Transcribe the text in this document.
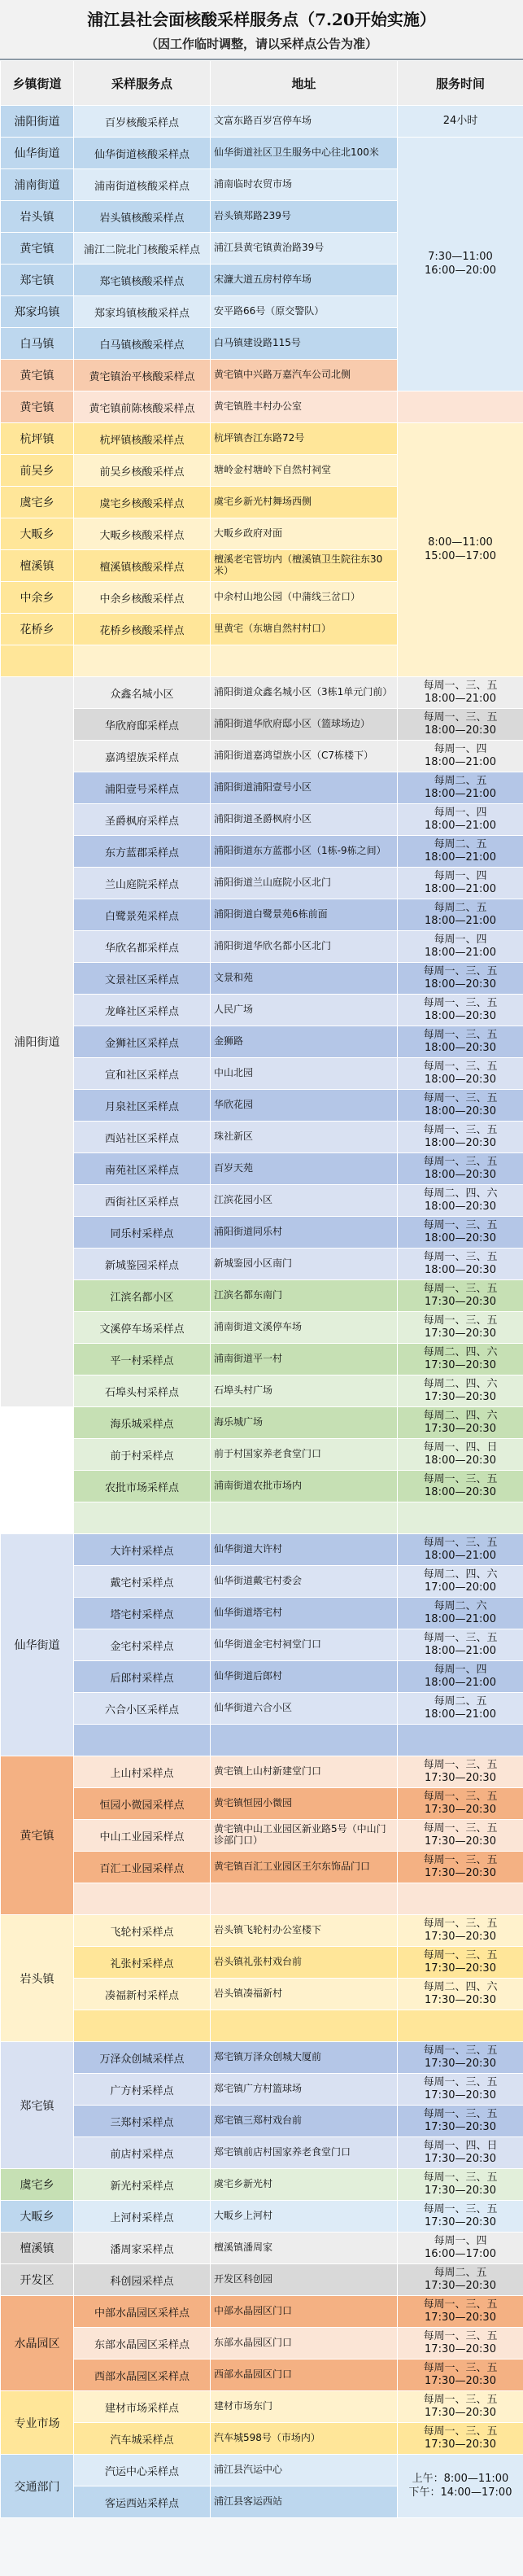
浦江县社会面核酸采样服务点（7.20开始实施）
（因工作临时调整，请以采样点公告为准）
乡镇街道	采样服务点	地址	服务时间
浦阳街道	百岁核酸采样点	文富东路百岁宫停车场	24小时
仙华街道	仙华街道核酸采样点	仙华街道社区卫生服务中心往北100米	7:30—11:00
16:00—20:00
浦南街道	浦南街道核酸采样点	浦南临时农贸市场	
岩头镇	岩头镇核酸采样点	岩头镇郑路239号	
黄宅镇	浦江二院北门核酸采样点	浦江县黄宅镇黄治路39号	
郑宅镇	郑宅镇核酸采样点	宋濂大道五房村停车场	
郑家坞镇	郑家坞镇核酸采样点	安平路66号（原交警队）	
白马镇	白马镇核酸采样点	白马镇建设路115号	
黄宅镇	黄宅镇治平核酸采样点	黄宅镇中兴路万嘉汽车公司北侧	
黄宅镇	黄宅镇前陈核酸采样点	黄宅镇胜丰村办公室	
杭坪镇	杭坪镇核酸采样点	杭坪镇杏江东路72号	8:00—11:00
15:00—17:00
前吴乡	前吴乡核酸采样点	塘岭金村塘岭下自然村祠堂	
虞宅乡	虞宅乡核酸采样点	虞宅乡新光村舞场西侧	
大畈乡	大畈乡核酸采样点	大畈乡政府对面	
檀溪镇	檀溪镇核酸采样点	檀溪老宅管坊内（檀溪镇卫生院往东30米）	
中余乡	中余乡核酸采样点	中余村山地公园（中蒲线三岔口）	
花桥乡	花桥乡核酸采样点	里黄宅（东塘自然村村口）	

浦阳街道	众鑫名城小区	浦阳街道众鑫名城小区（3栋1单元门前）	每周一、三、五
18:00—21:00
	华欣府邸采样点	浦阳街道华欣府邸小区（篮球场边）	每周一、三、五
18:00—20:30
	嘉鸿望族采样点	浦阳街道嘉鸿望族小区（C7栋楼下）	每周一、四
18:00—21:00
	浦阳壹号采样点	浦阳街道浦阳壹号小区	每周二、五
18:00—21:00
	圣爵枫府采样点	浦阳街道圣爵枫府小区	每周一、四
18:00—21:00
	东方蓝郡采样点	浦阳街道东方蓝郡小区（1栋-9栋之间）	每周二、五
18:00—21:00
	兰山庭院采样点	浦阳街道兰山庭院小区北门	每周一、四
18:00—21:00
	白鹭景苑采样点	浦阳街道白鹭景苑6栋前面	每周二、五
18:00—21:00
	华欣名都采样点	浦阳街道华欣名都小区北门	每周一、四
18:00—21:00
	文景社区采样点	文景和苑	每周一、三、五
18:00—20:30
	龙峰社区采样点	人民广场	每周一、三、五
18:00—20:30
	金狮社区采样点	金狮路	每周一、三、五
18:00—20:30
	宣和社区采样点	中山北园	每周一、三、五
18:00—20:30
	月泉社区采样点	华欣花园	每周一、三、五
18:00—20:30
	西站社区采样点	珠社新区	每周一、三、五
18:00—20:30
	南苑社区采样点	百岁天苑	每周一、三、五
18:00—20:30
	西街社区采样点	江滨花园小区	每周二、四、六
18:00—20:30
	同乐村采样点	浦阳街道同乐村	每周一、三、五
18:00—20:30
	新城鉴园采样点	新城鉴园小区南门	每周一、三、五
18:00—20:30
	江滨名都小区	江滨名都东南门	每周一、三、五
17:30—20:30
	文溪停车场采样点	浦南街道文溪停车场	每周一、三、五
17:30—20:30
	平一村采样点	浦南街道平一村	每周二、四、六
17:30—20:30
	石埠头村采样点	石埠头村广场	每周二、四、六
17:30—20:30
	海乐城采样点	海乐城广场	每周二、四、六
17:30—20:30
	前于村采样点	前于村国家养老食堂门口	每周一、四、日
18:00—20:30
	农批市场采样点	浦南街道农批市场内	每周一、三、五
18:00—20:30

仙华街道	大许村采样点	仙华街道大许村	每周一、三、五
18:00—21:00
	戴宅村采样点	仙华街道戴宅村委会	每周二、四、六
17:00—20:00
	塔宅村采样点	仙华街道塔宅村	每周二、六
18:00—21:00
	金宅村采样点	仙华街道金宅村祠堂门口	每周一、三、五
18:00—21:00
	后郎村采样点	仙华街道后郎村	每周一、四
18:00—21:00
	六合小区采样点	仙华街道六合小区	每周二、五
18:00—21:00

黄宅镇	上山村采样点	黄宅镇上山村新建堂门口	每周一、三、五
17:30—20:30
	恒园小微园采样点	黄宅镇恒园小微园	每周一、三、五
17:30—20:30
	中山工业园采样点	黄宅镇中山工业园区新业路5号（中山门诊部门口）	每周一、三、五
17:30—20:30
	百汇工业园采样点	黄宅镇百汇工业园区王尔东饰品门口	每周一、三、五
17:30—20:30

岩头镇	飞轮村采样点	岩头镇飞轮村办公室楼下	每周一、三、五
17:30—20:30
	礼张村采样点	岩头镇礼张村戏台前	每周一、三、五
17:30—20:30
	凑福新村采样点	岩头镇凑福新村	每周二、四、六
17:30—20:30

郑宅镇	万泽众创城采样点	郑宅镇万泽众创城大厦前	每周一、三、五
17:30—20:30
	广方村采样点	郑宅镇广方村篮球场	每周一、三、五
17:30—20:30
	三郑村采样点	郑宅镇三郑村戏台前	每周一、三、五
17:30—20:30
	前店村采样点	郑宅镇前店村国家养老食堂门口	每周一、四、日
17:30—20:30
虞宅乡	新光村采样点	虞宅乡新光村	每周一、三、五
17:30—20:30
大畈乡	上河村采样点	大畈乡上河村	每周一、三、五
17:30—20:30
檀溪镇	潘周家采样点	檀溪镇潘周家	每周一、四
16:00—17:00
开发区	科创园采样点	开发区科创园	每周二、五
17:30—20:30
水晶园区	中部水晶园区采样点	中部水晶园区门口	每周一、三、五
17:30—20:30
	东部水晶园区采样点	东部水晶园区门口	每周一、三、五
17:30—20:30
	西部水晶园区采样点	西部水晶园区门口	每周一、三、五
17:30—20:30
专业市场	建材市场采样点	建材市场东门	每周一、三、五
17:30—20:30
	汽车城采样点	汽车城598号（市场内）	每周一、三、五
17:30—20:30
交通部门	汽运中心采样点	浦江县汽运中心	上午：8:00—11:00
下午：14:00—17:00
	客运西站采样点	浦江县客运西站	
